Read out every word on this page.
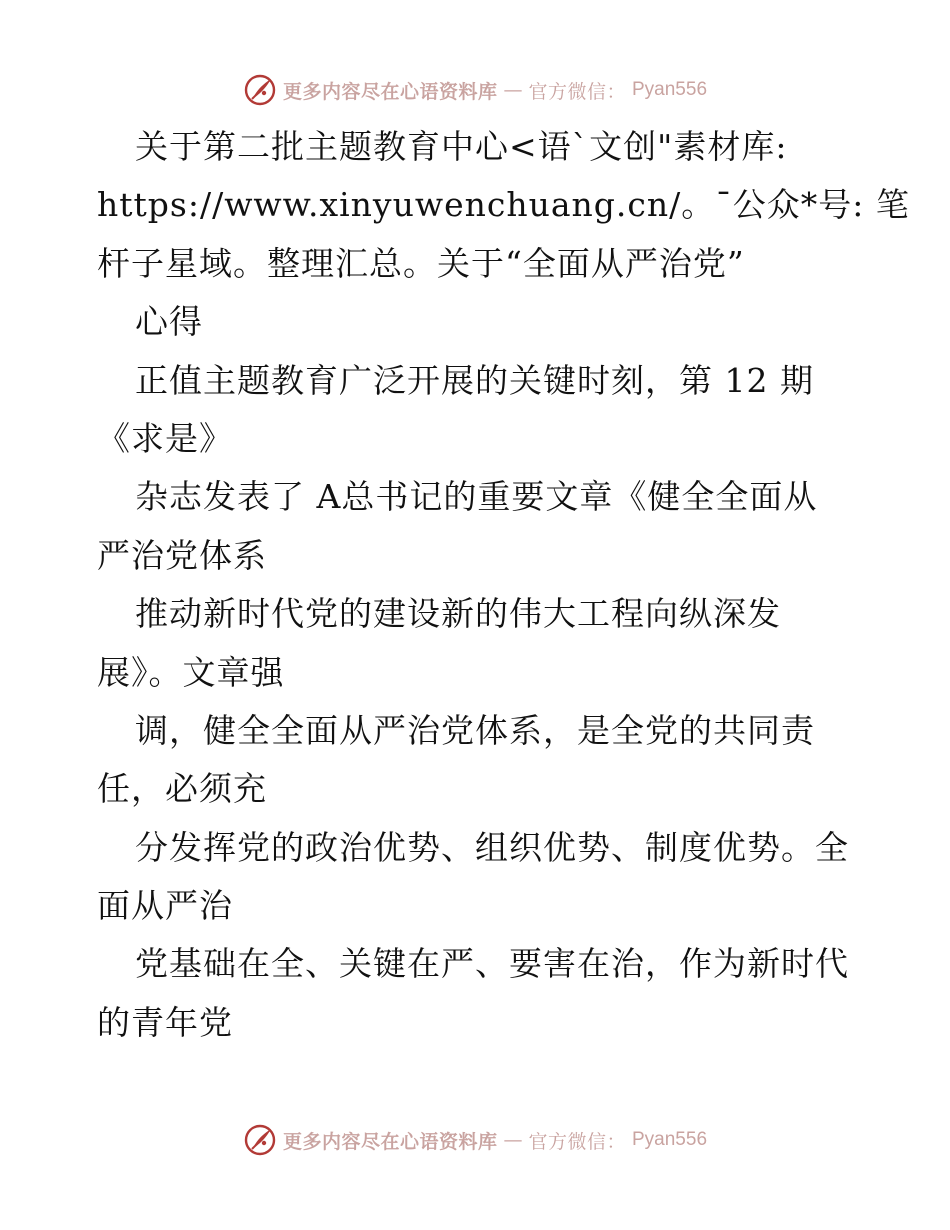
更多内容尽在心语资料库 — 官方微信： Pyan556
关于第二批主题教育中心<语`文创"素材库:
https://www.xinyuwenchuang.cn/。¯公众*号: 笔
杆子星域。整理汇总。关于“全面从严治党”
心得
正值主题教育广泛开展的关键时刻，第 12 期
《求是》
杂志发表了 A总书记的重要文章《健全全面从
严治党体系
推动新时代党的建设新的伟大工程向纵深发
展》。文章强
调，健全全面从严治党体系，是全党的共同责
任，必须充
分发挥党的政治优势、组织优势、制度优势。全
面从严治
党基础在全、关键在严、要害在治，作为新时代
的青年党
更多内容尽在心语资料库 — 官方微信： Pyan556
